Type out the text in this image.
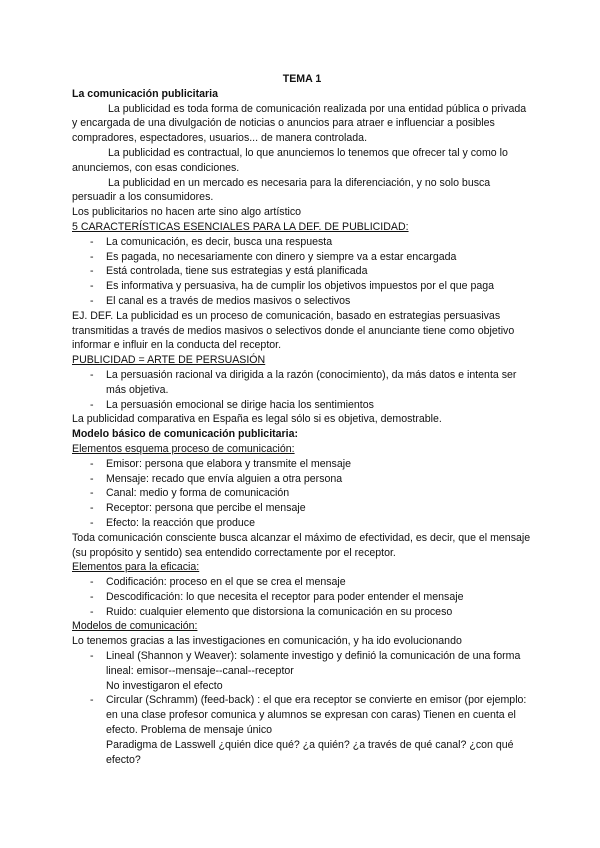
TEMA 1
La comunicación publicitaria
La publicidad es toda forma de comunicación realizada por una entidad pública o privada y encargada de una divulgación de noticias o anuncios para atraer e influenciar a posibles compradores, espectadores, usuarios... de manera controlada.
La publicidad es contractual, lo que anunciemos lo tenemos que ofrecer tal y como lo anunciemos, con esas condiciones.
La publicidad en un mercado es necesaria para la diferenciación, y no solo busca persuadir a los consumidores.
Los publicitarios no hacen arte sino algo artístico
5 CARACTERÍSTICAS ESENCIALES PARA LA DEF. DE PUBLICIDAD:
- La comunicación, es decir, busca una respuesta
- Es pagada, no necesariamente con dinero y siempre va a estar encargada
- Está controlada, tiene sus estrategias y está planificada
- Es informativa y persuasiva, ha de cumplir los objetivos impuestos por el que paga
- El canal es a través de medios masivos o selectivos
EJ. DEF. La publicidad es un proceso de comunicación, basado en estrategias persuasivas transmitidas a través de medios masivos o selectivos donde el anunciante tiene como objetivo informar e influir en la conducta del receptor.
PUBLICIDAD = ARTE DE PERSUASIÓN
- La persuasión racional va dirigida a la razón (conocimiento), da más datos e intenta ser más objetiva.
- La persuasión emocional se dirige hacia los sentimientos
La publicidad comparativa en España es legal sólo si es objetiva, demostrable.
Modelo básico de comunicación publicitaria:
Elementos esquema proceso de comunicación:
- Emisor: persona que elabora y transmite el mensaje
- Mensaje: recado que envía alguien a otra persona
- Canal: medio y forma de comunicación
- Receptor: persona que percibe el mensaje
- Efecto: la reacción que produce
Toda comunicación consciente busca alcanzar el máximo de efectividad, es decir, que el mensaje (su propósito y sentido) sea entendido correctamente por el receptor.
Elementos para la eficacia:
- Codificación: proceso en el que se crea el mensaje
- Descodificación: lo que necesita el receptor para poder entender el mensaje
- Ruido: cualquier elemento que distorsiona la comunicación en su proceso
Modelos de comunicación:
Lo tenemos gracias a las investigaciones en comunicación, y ha ido evolucionando
- Lineal (Shannon y Weaver): solamente investigo y definió la comunicación de una forma lineal: emisor--mensaje--canal--receptor
No investigaron el efecto
- Circular (Schramm) (feed-back) : el que era receptor se convierte en emisor (por ejemplo: en una clase profesor comunica y alumnos se expresan con caras) Tienen en cuenta el efecto. Problema de mensaje único
Paradigma de Lasswell ¿quién dice qué? ¿a quién? ¿a través de qué canal? ¿con qué efecto?
